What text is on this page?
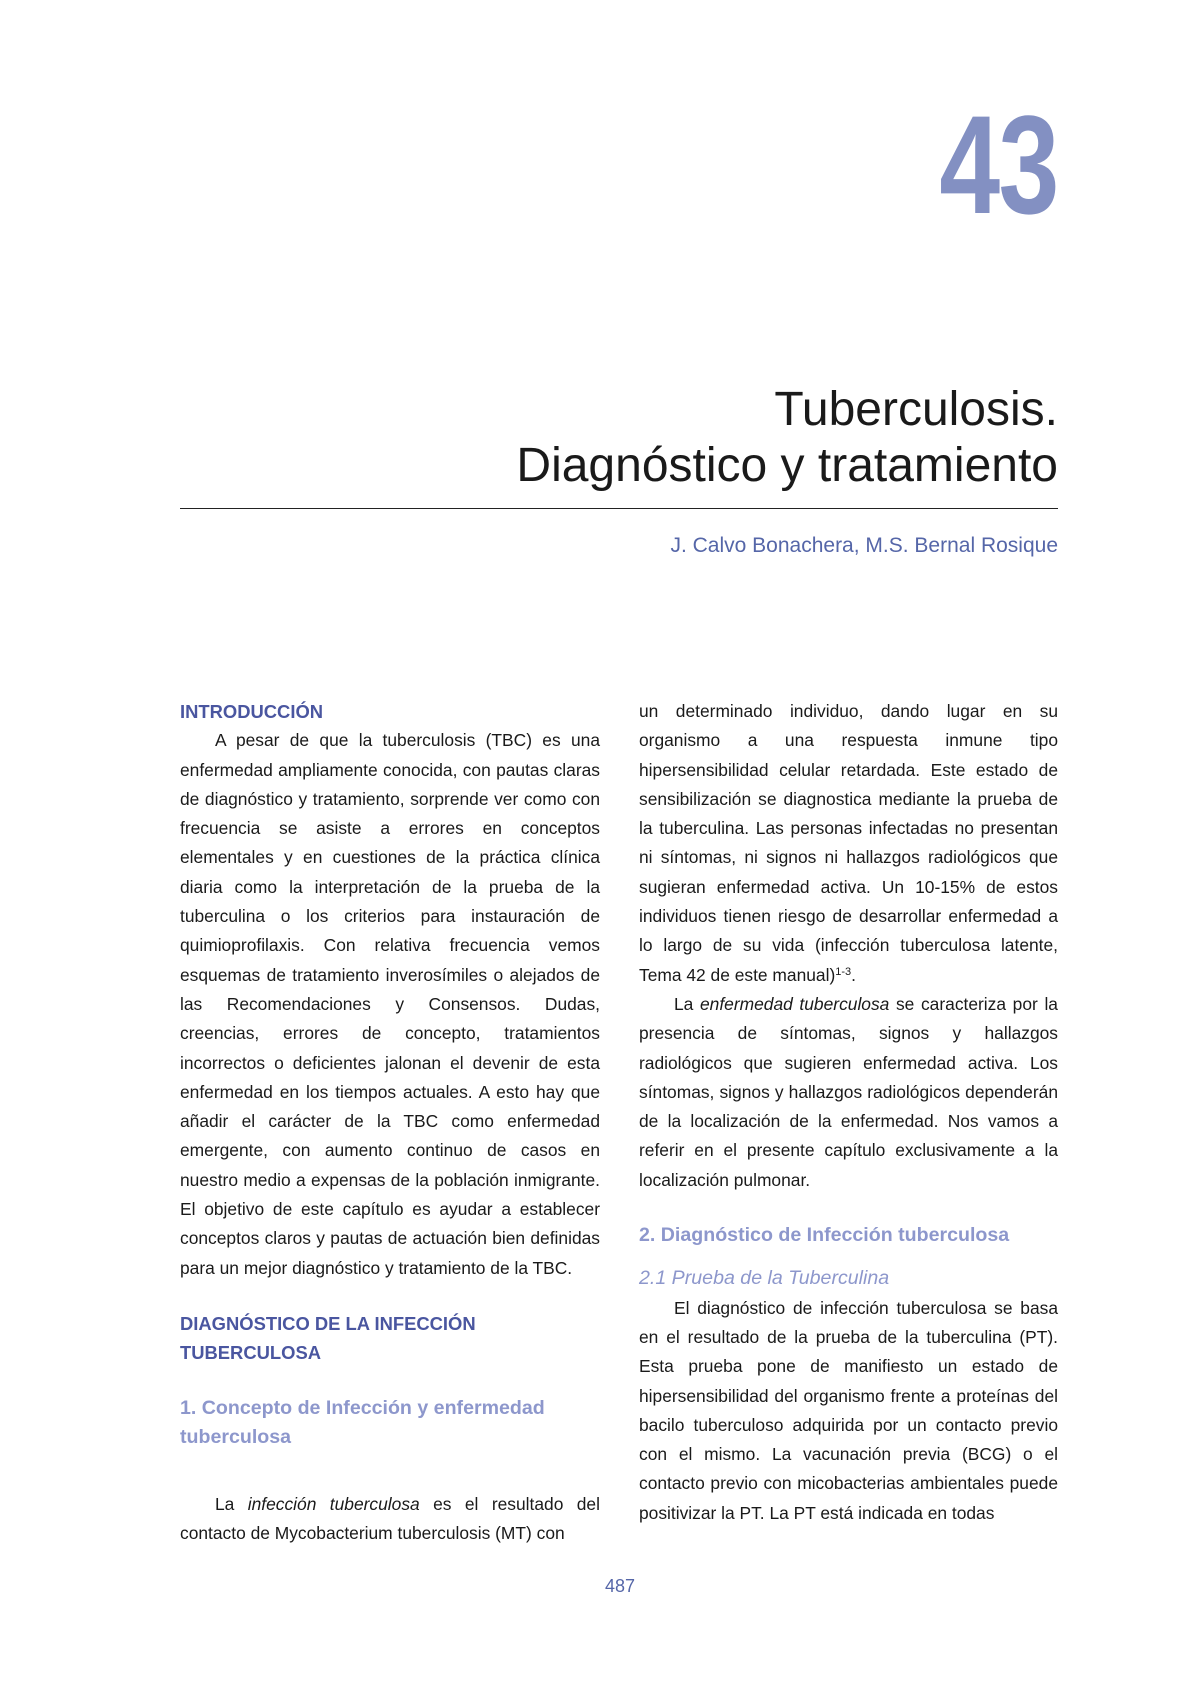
43
Tuberculosis.
Diagnóstico y tratamiento
J. Calvo Bonachera, M.S. Bernal Rosique
INTRODUCCIÓN

A pesar de que la tuberculosis (TBC) es una enfermedad ampliamente conocida, con pautas claras de diagnóstico y tratamiento, sorprende ver como con frecuencia se asiste a errores en conceptos elementales y en cuestiones de la práctica clínica diaria como la interpretación de la prueba de la tuberculina o los criterios para instauración de quimioprofilaxis. Con relativa frecuencia vemos esquemas de tratamiento inverosímiles o alejados de las Recomendaciones y Consensos. Dudas, creencias, errores de concepto, tratamientos incorrectos o deficientes jalonan el devenir de esta enfermedad en los tiempos actuales. A esto hay que añadir el carácter de la TBC como enfermedad emergente, con aumento continuo de casos en nuestro medio a expensas de la población inmigrante. El objetivo de este capítulo es ayudar a establecer conceptos claros y pautas de actuación bien definidas para un mejor diagnóstico y tratamiento de la TBC.

DIAGNÓSTICO DE LA INFECCIÓN
TUBERCULOSA
1. Concepto de Infección y enfermedad
tuberculosa

La infección tuberculosa es el resultado del contacto de Mycobacterium tuberculosis (MT) con

un determinado individuo, dando lugar en su organismo a una respuesta inmune tipo hipersensibilidad celular retardada. Este estado de sensibilización se diagnostica mediante la prueba de la tuberculina. Las personas infectadas no presentan ni síntomas, ni signos ni hallazgos radiológicos que sugieran enfermedad activa. Un 10-15% de estos individuos tienen riesgo de desarrollar enfermedad a lo largo de su vida (infección tuberculosa latente, Tema 42 de este manual)$^{1-3}$.

La enfermedad tuberculosa se caracteriza por la presencia de síntomas, signos y hallazgos radiológicos que sugieren enfermedad activa. Los síntomas, signos y hallazgos radiológicos dependerán de la localización de la enfermedad. Nos vamos a referir en el presente capítulo exclusivamente a la localización pulmonar.

2. Diagnóstico de Infección tuberculosa
2.1 Prueba de la Tuberculina

El diagnóstico de infección tuberculosa se basa en el resultado de la prueba de la tuberculina (PT). Esta prueba pone de manifiesto un estado de hipersensibilidad del organismo frente a proteínas del bacilo tuberculoso adquirida por un contacto previo con el mismo. La vacunación previa (BCG) o el contacto previo con micobacterias ambientales puede positivizar la PT. La PT está indicada en todas

487
